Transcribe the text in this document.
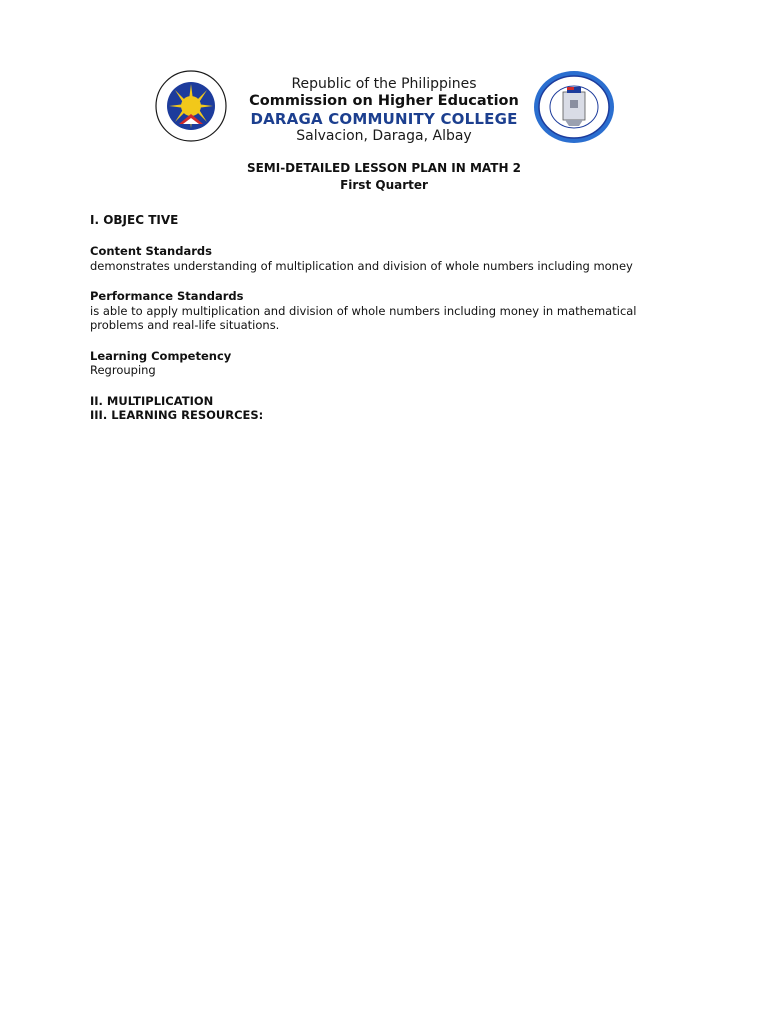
Republic of the Philippines
Commission on Higher Education
DARAGA COMMUNITY COLLEGE
Salvacion, Daraga, Albay
SEMI-DETAILED LESSON PLAN IN MATH 2
First Quarter
I. OBJEC TIVE
Content Standards
demonstrates understanding of multiplication and division of whole numbers including money
Performance Standards
is able to apply multiplication and division of whole numbers including money in mathematical problems and real-life situations.
Learning Competency
Regrouping
II. MULTIPLICATION
III. LEARNING RESOURCES:
